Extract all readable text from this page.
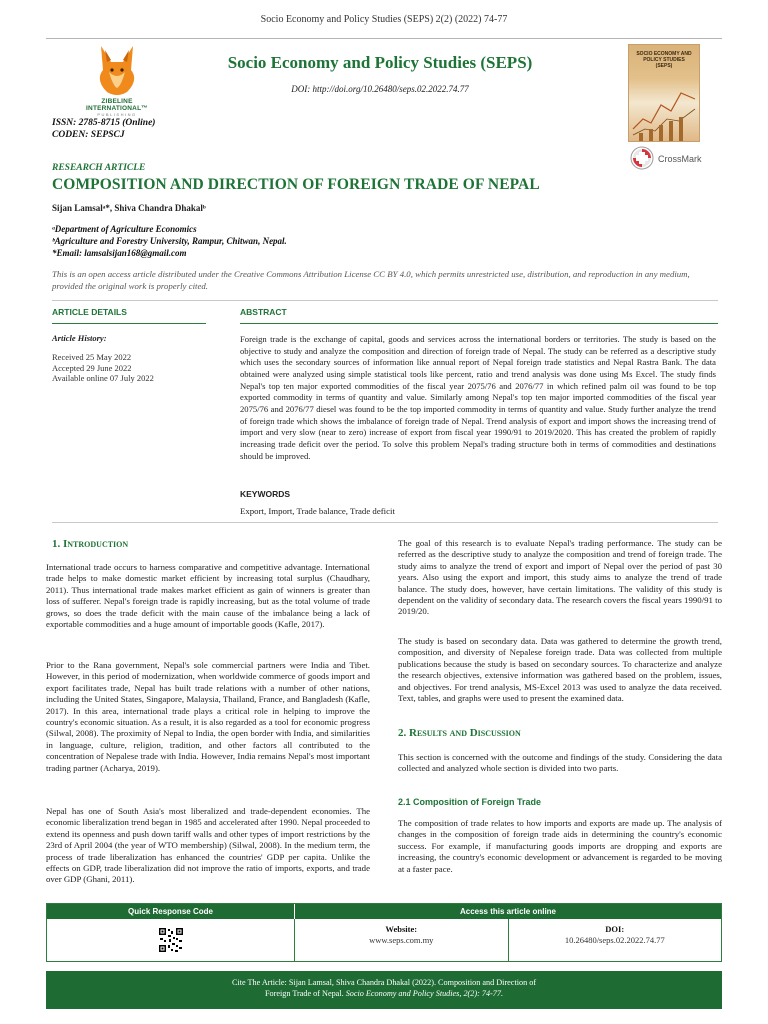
Socio Economy and Policy Studies (SEPS) 2(2) (2022) 74-77
ZIBELINE INTERNATIONAL™
PUBLISHING
ISSN: 2785-8715 (Online)
CODEN: SEPSCJ
Socio Economy and Policy Studies (SEPS)
DOI: http://doi.org/10.26480/seps.02.2022.74.77
SOCIO ECONOMY AND POLICY STUDIES
(SEPS)
CrossMark
RESEARCH ARTICLE
COMPOSITION AND DIRECTION OF FOREIGN TRADE OF NEPAL
Sijan Lamsalᵃ*, Shiva Chandra Dhakalᵇ
ᵃDepartment of Agriculture Economics
ᵇAgriculture and Forestry University, Rampur, Chitwan, Nepal.
*Email: lamsalsijan168@gmail.com
This is an open access article distributed under the Creative Commons Attribution License CC BY 4.0, which permits unrestricted use, distribution, and reproduction in any medium, provided the original work is properly cited.
ARTICLE DETAILS	ABSTRACT
Article History:
Received 25 May 2022
Accepted 29 June 2022
Available online 07 July 2022
Foreign trade is the exchange of capital, goods and services across the international borders or territories. The study is based on the objective to study and analyze the composition and direction of foreign trade of Nepal. The study can be referred as a descriptive study which uses the secondary sources of information like annual report of Nepal foreign trade statistics and Nepal Rastra Bank. The data obtained were analyzed using simple statistical tools like percent, ratio and trend analysis was done using Ms Excel. The study finds Nepal's top ten major exported commodities of the fiscal year 2075/76 and 2076/77 in which refined palm oil was found to be top exported commodity in terms of quantity and value. Similarly among Nepal's top ten major imported commodities of the fiscal year 2075/76 and 2076/77 diesel was found to be the top imported commodity in terms of quantity and value. Study further analyze the trend of foreign trade which shows the imbalance of foreign trade of Nepal. Trend analysis of export and import shows the increasing trend of import and very slow (near to zero) increase of export from fiscal year 1990/91 to 2019/2020. This has created the problem of rapidly increasing trade deficit over the period. To solve this problem Nepal's trading structure both in terms of commodities and destinations should be improved.
KEYWORDS
Export, Import, Trade balance, Trade deficit
1. Introduction
International trade occurs to harness comparative and competitive advantage. International trade helps to make domestic market efficient by increasing total surplus (Chaudhary, 2011). Thus international trade makes market efficient as gain of winners is greater than loss of sufferer. Nepal's foreign trade is rapidly increasing, but as the total volume of trade grows, so does the trade deficit with the main cause of the imbalance being a lack of exportable commodities and a huge amount of importable goods (Kafle, 2017).
Prior to the Rana government, Nepal's sole commercial partners were India and Tibet. However, in this period of modernization, when worldwide commerce of goods import and export facilitates trade, Nepal has built trade relations with a number of other nations, including the United States, Singapore, Malaysia, Thailand, France, and Bangladesh (Kafle, 2017). In this area, international trade plays a critical role in helping to improve the country's economic situation. As a result, it is also regarded as a tool for economic progress (Silwal, 2008). The proximity of Nepal to India, the open border with India, and similarities in language, culture, religion, tradition, and other factors all contributed to the concentration of Nepalese trade with India. However, India remains Nepal's most important trading partner (Acharya, 2019).
Nepal has one of South Asia's most liberalized and trade-dependent economies. The economic liberalization trend began in 1985 and accelerated after 1990. Nepal proceeded to extend its openness and push down tariff walls and other types of import restrictions by the 23rd of April 2004 (the year of WTO membership) (Silwal, 2008). In the medium term, the process of trade liberalization has enhanced the countries' GDP per capita. Unlike the effects on GDP, trade liberalization did not improve the ratio of imports, exports, and trade over GDP (Ghani, 2011).
The goal of this research is to evaluate Nepal's trading performance. The study can be referred as the descriptive study to analyze the composition and trend of foreign trade. The study aims to analyze the trend of export and import of Nepal over the period of past 30 years. Also using the export and import, this study aims to analyze the trend of trade balance. The study does, however, have certain limitations. The validity of this study is dependent on the validity of secondary data. The research covers the fiscal years 1990/91 to 2019/20.
The study is based on secondary data. Data was gathered to determine the growth trend, composition, and diversity of Nepalese foreign trade. Data was collected from multiple publications because the study is based on secondary sources. To characterize and analyze the research objectives, extensive information was gathered based on the problem, issues, and objectives. For trend analysis, MS-Excel 2013 was used to analyze the data received. Text, tables, and graphs were used to present the examined data.
2. Results and Discussion
This section is concerned with the outcome and findings of the study. Considering the data collected and analyzed whole section is divided into two parts.
2.1 Composition of Foreign Trade
The composition of trade relates to how imports and exports are made up. The analysis of changes in the composition of foreign trade aids in determining the country's economic success. For example, if manufacturing goods imports are dropping and exports are increasing, the country's economic development or advancement is regarded to be moving at a faster pace.
Quick Response Code	Access this article online
Website:
www.seps.com.my
DOI:
10.26480/seps.02.2022.74.77
Cite The Article: Sijan Lamsal, Shiva Chandra Dhakal (2022). Composition and Direction of
Foreign Trade of Nepal. Socio Economy and Policy Studies, 2(2): 74-77.
